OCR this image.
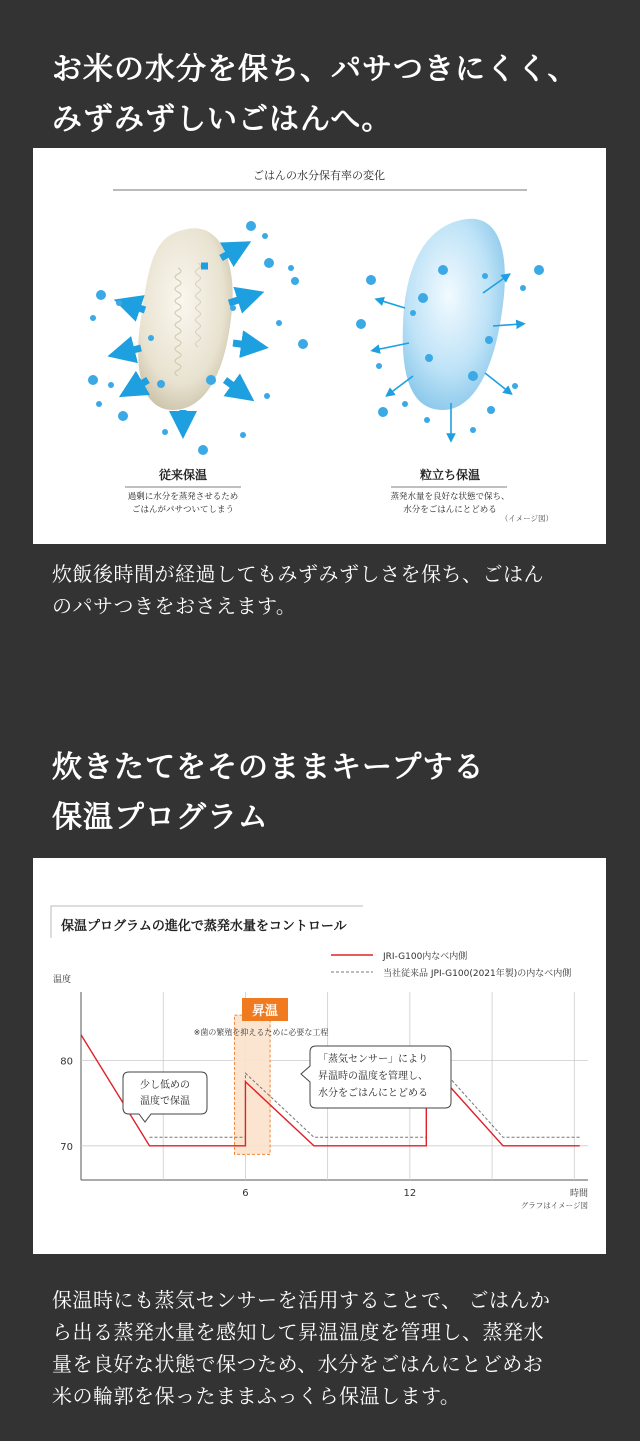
お米の水分を保ち、パサつきにくく、
みずみずしいごはんへ。
ごはんの水分保有率の変化
従来保温
過剰に水分を蒸発させるため
ごはんがパサついてしまう
粒立ち保温
蒸発水量を良好な状態で保ち、
水分をごはんにとどめる
（イメージ図）
炊飯後時間が経過してもみずみずしさを保ち、ごはん
のパサつきをおさえます。
炊きたてをそのままキープする
保温プログラム
保温プログラムの進化で蒸発水量をコントロール
JRI-G100内なべ内側
当社従来品 JPI-G100(2021年製)の内なべ内側
温度
時間
グラフはイメージ図
70
80
6	12
昇温
※菌の繁殖を抑えるために必要な工程
少し低めの
温度で保温
「蒸気センサー」により
昇温時の温度を管理し、
水分をごはんにとどめる
保温時にも蒸気センサーを活用することで、 ごはんか
ら出る蒸発水量を感知して昇温温度を管理し、蒸発水
量を良好な状態で保つため、水分をごはんにとどめお
米の輪郭を保ったままふっくら保温します。
